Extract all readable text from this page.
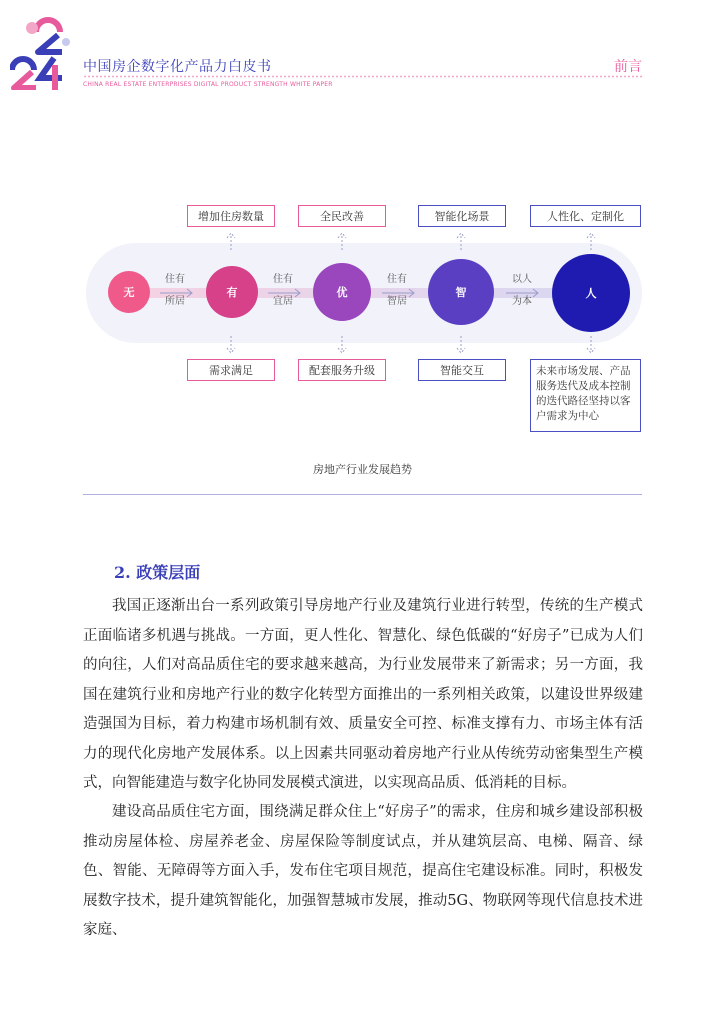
中国房企数字化产品力白皮书	前言
CHINA REAL ESTATE ENTERPRISES DIGITAL PRODUCT STRENGTH WHITE PAPER
无	有	优	智	人
住有
所居
住有
宜居
住有
智居
以人
为本
增加住房数量	全民改善	智能化场景	人性化、定制化
需求满足	配套服务升级	智能交互	未来市场发展、产品服务迭代及成本控制的迭代路径坚持以客户需求为中心
房地产行业发展趋势
2. 政策层面

我国正逐渐出台一系列政策引导房地产行业及建筑行业进行转型，传统的生产模式正面临诸多机遇与挑战。一方面，更人性化、智慧化、绿色低碳的“好房子”已成为人们的向往，人们对高品质住宅的要求越来越高，为行业发展带来了新需求；另一方面，我国在建筑行业和房地产行业的数字化转型方面推出的一系列相关政策，以建设世界级建造强国为目标，着力构建市场机制有效、质量安全可控、标准支撑有力、市场主体有活力的现代化房地产发展体系。以上因素共同驱动着房地产行业从传统劳动密集型生产模式，向智能建造与数字化协同发展模式演进，以实现高品质、低消耗的目标。

建设高品质住宅方面，围绕满足群众住上“好房子”的需求，住房和城乡建设部积极推动房屋体检、房屋养老金、房屋保险等制度试点，并从建筑层高、电梯、隔音、绿色、智能、无障碍等方面入手，发布住宅项目规范，提高住宅建设标准。同时，积极发展数字技术，提升建筑智能化，加强智慧城市发展，推动5G、物联网等现代信息技术进家庭、
